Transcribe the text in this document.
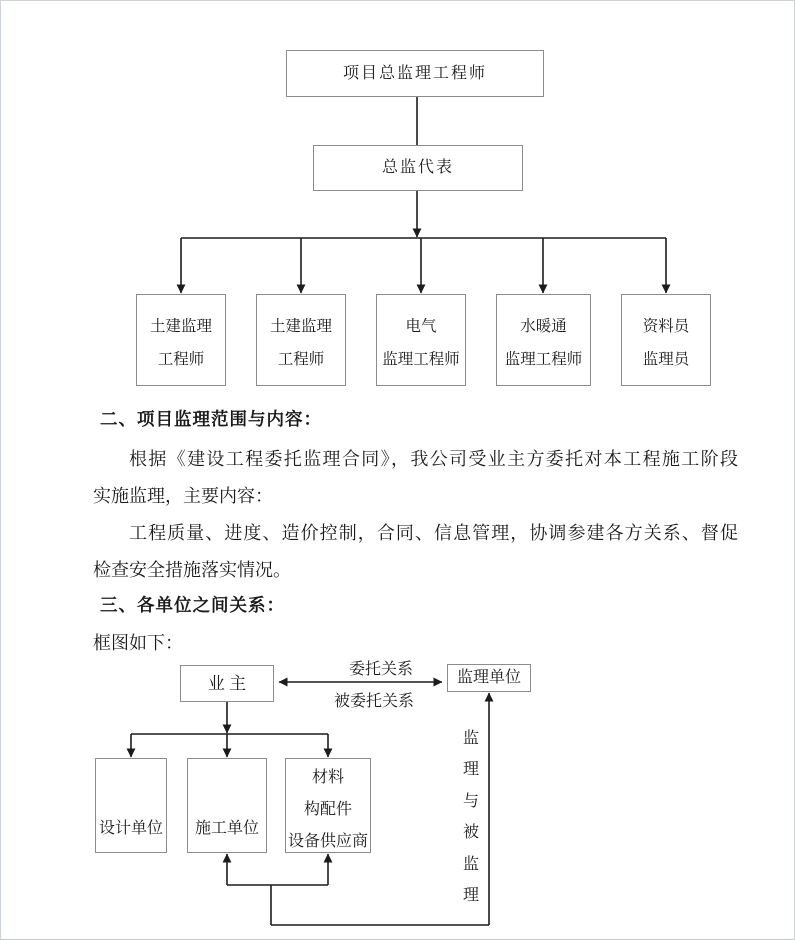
项目总监理工程师
总监代表
土建监理
工程师
土建监理
工程师
电气
监理工程师
水暖通
监理工程师
资料员
监理员
二、项目监理范围与内容：
根据《建设工程委托监理合同》，我公司受业主方委托对本工程施工阶段
实施监理，主要内容：
工程质量、进度、造价控制，合同、信息管理，协调参建各方关系、督促
检查安全措施落实情况。
三、各单位之间关系：
框图如下：
业 主	监理单位
委托关系
被委托关系
设计单位 施工单位
材料
构配件
设备供应商
监理与被监理
